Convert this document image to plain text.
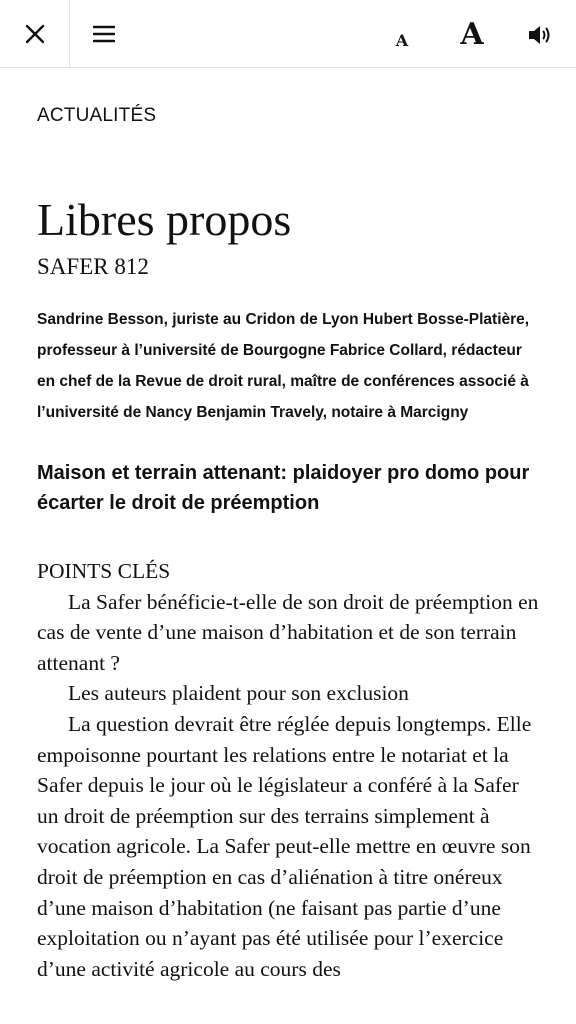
A A
ACTUALITÉS
Libres propos
SAFER 812
Sandrine Besson, juriste au Cridon de Lyon Hubert Bosse-Platière, professeur à l’université de Bourgogne Fabrice Collard, rédacteur en chef de la Revue de droit rural, maître de conférences associé à l’université de Nancy Benjamin Travely, notaire à Marcigny
Maison et terrain attenant: plaidoyer pro domo pour écarter le droit de préemption

POINTS CLÉS

La Safer bénéficie-t-elle de son droit de préemption en cas de vente d’une maison d’habitation et de son terrain attenant ?

Les auteurs plaident pour son exclusion

La question devrait être réglée depuis longtemps. Elle empoisonne pourtant les relations entre le notariat et la Safer depuis le jour où le législateur a conféré à la Safer un droit de préemption sur des terrains simplement à vocation agricole. La Safer peut-elle mettre en œuvre son droit de préemption en cas d’aliénation à titre onéreux d’une maison d’habitation (ne faisant pas partie d’une exploitation ou n’ayant pas été utilisée pour l’exercice d’une activité agricole au cours des
